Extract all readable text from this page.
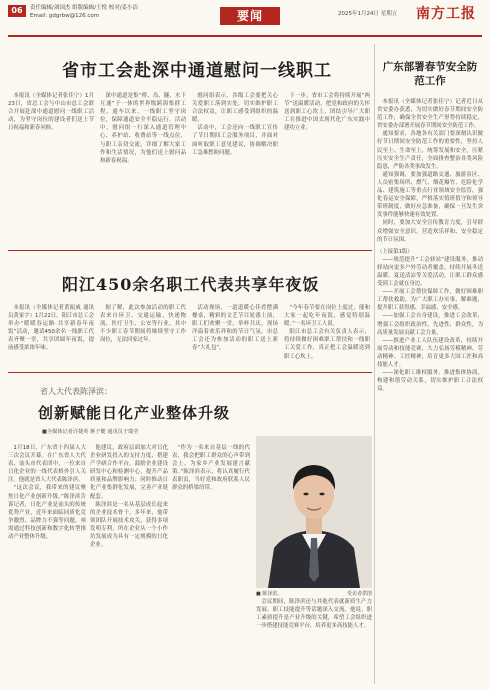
06	责任编辑/刘国杰 组版编辑/王悦 校对/姜小洁
Email: gdgrbw@126.com	要闻	2025年1月24日 星期五 南方工报
省市工会赴深中通道慰问一线职工

本报讯（全媒体记者张佳宁）1月23日，省总工会与中山市总工会联合开展赴深中通道慰问一线职工活动，为坚守岗位的建设者们送上节日祝福和新春问候。

深中通道是集“桥、岛、隧、水下互通”于一体的世界级跨海集群工程，通车以来，一线职工坚守岗位，保障通道安全平稳运行。活动中，慰问组一行深入通道管理中心、养护站、收费站等一线点位，与职工亲切交流，详细了解大家工作和生活情况，为他们送上慰问品和新春祝福。

慰问组表示，各级工会要把关心关爱职工落到实处，切实维护职工合法权益，让职工感受到组织的温暖。

活动中，工会还向一线职工宣传了节日期间工会服务项目，并面对面听取职工意见建议，协调解决职工急难愁盼问题。

下一步，省市工会将持续开展“两节”送温暖活动，把党和政府的关怀送到职工心坎上，团结引导广大职工在推进中国式现代化广东实践中建功立业。

阳江450余名职工代表共享年夜饭

本报讯（全媒体记者黄振威 通讯员黄家宇）1月22日，阳江市总工会举办“暖暖春运路·共享新春年夜饭”活动，邀请450余名一线职工代表齐聚一堂，共享团圆年夜饭，提前感受浓浓年味。

据了解，此次参加活动的职工代表来自环卫、交通运输、快递物流、医疗卫生、公安等行业，其中不少职工春节期间将继续坚守工作岗位，无法回家过年。

活动现场，一道道暖心佳肴摆满餐桌，精彩的文艺节目轮番上演，职工们欢聚一堂，举杯共庆，现场洋溢着欢乐祥和的节日气氛。市总工会还为参加活动的职工送上新春“大礼包”。

“今年春节要在岗位上度过，能和大家一起吃年夜饭，感觉特别温暖。”一名环卫工人说。

阳江市总工会有关负责人表示，将持续做好困难职工帮扶和一线职工关爱工作，真正把工会温暖送到职工心坎上。

省人大代表陈泽滨：
创新赋能日化产业整体升级
■全媒体记者许捷英 蒋子健 通讯员于瑞莹

1月18日，广东省十四届人大三次会议开幕。在广东省人大代表、汕头市代表团中，一位来自日化企业的一线代表格外引人关注。他就是省人大代表陈泽滨。

“这次会议，我带来的建议聚焦日化产业创新升级。”陈泽滨告诉记者，日化产业是汕头的传统优势产业，近年来面临同质化竞争激烈、品牌力不强等问题，亟需通过科技创新和数字化转型推动产业整体升级。

他建议，政府层面加大对日化企业研发投入的支持力度，搭建产学研合作平台，鼓励企业建设研发中心和检测中心，提升产品质量和品牌影响力；同时推动日化产业集群化发展，完善产业链配套。

陈泽滨是一名从基层成长起来的企业技术骨干。多年来，他带领团队开展技术攻关，获得多项发明专利，所在企业从一个小作坊发展成为具有一定规模的日化企业。

“作为一名来自基层一线的代表，我会把职工群众的心声带到会上，为家乡产业发展建言献策。”陈泽滨表示，将认真履行代表职责，当好党和政府联系人民群众的桥梁纽带。

■ 陈泽滨。	受访者供图

会议期间，陈泽滨还与其他代表就新质生产力发展、职工技能提升等话题深入交流。他说，职工素质提升是产业升级的关键，希望工会组织进一步搭建技能竞赛平台，培养更多高技能人才。

广东部署春节安全防范工作

本报讯（全媒体记者张佳宁）记者近日从省安委办获悉，为切实做好春节期间安全防范工作，确保全省安全生产形势持续稳定，省安委办部署开展春节期间安全防范工作。

通知要求，各地各有关部门要深刻认识做好节日期间安全防范工作的重要性，坚持人民至上、生命至上，统筹发展和安全，压紧压实安全生产责任，全面排查整治各类风险隐患，严防各类事故发生。

通知强调，要加强道路交通、旅游景区、人员密集场所、燃气、烟花爆竹、危险化学品、建筑施工等重点行业领域安全监管，强化春运安全保障，严格落实值班值守和领导带班制度，做好应急准备，确保一旦发生突发事件能够快速有效处置。

同时，要加大安全宣传教育力度，引导群众增强安全意识，营造欢乐祥和、安全稳定的节日氛围。

（上接第1版）

——规范提升“工会驿站”建设服务，推动驿站向更多户外劳动者覆盖，持续开展冬送温暖、夏送清凉等关爱活动，让职工群众感受到工会就在身边。

——开展工会帮扶保障工作，做好困难职工帮扶救助，为广大职工办实事、解难题，提升职工获得感、幸福感、安全感。

——加强工会自身建设，推进工会改革，增强工会组织政治性、先进性、群众性，为高质量发展贡献工会力量。

——推进产业工人队伍建设改革，持续开展劳动和技能竞赛，大力弘扬劳模精神、劳动精神、工匠精神，培育更多大国工匠和高技能人才。

——深化职工维权服务，推进集体协商，构建和谐劳动关系，切实维护职工合法权益。
